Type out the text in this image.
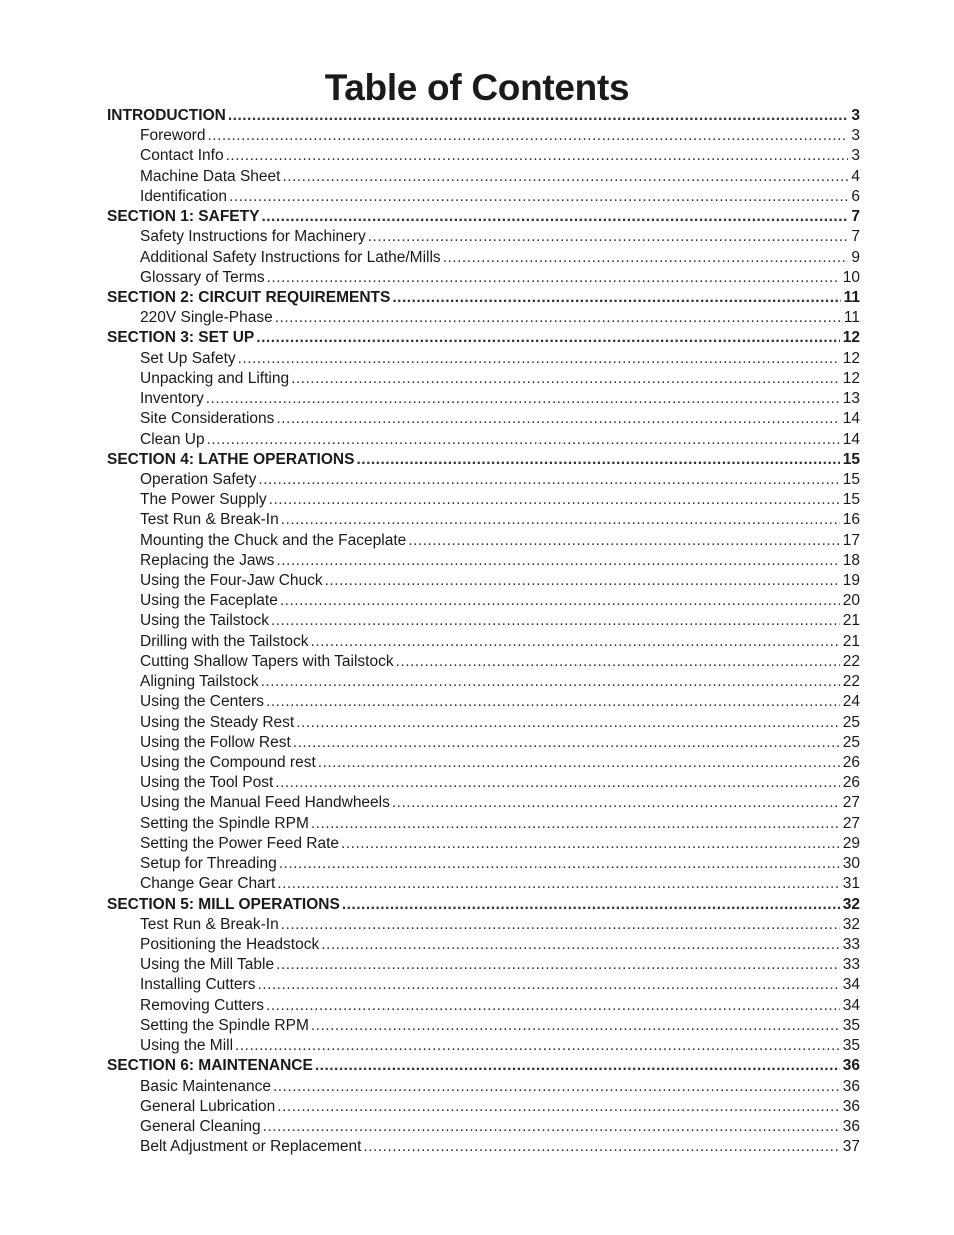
Table of Contents
INTRODUCTION .....	3
Foreword .....	3
Contact Info .....	3
Machine Data Sheet .....	4
Identification .....	6
SECTION 1: SAFETY .....	7
Safety Instructions for Machinery .....	7
Additional Safety Instructions for Lathe/Mills .....	9
Glossary of Terms .....	10
SECTION 2: CIRCUIT REQUIREMENTS .....	11
220V Single-Phase .....	11
SECTION 3: SET UP .....	12
Set Up Safety .....	12
Unpacking and Lifting .....	12
Inventory .....	13
Site Considerations .....	14
Clean Up .....	14
SECTION 4: LATHE OPERATIONS .....	15
Operation Safety .....	15
The Power Supply .....	15
Test Run & Break-In .....	16
Mounting the Chuck and the Faceplate .....	17
Replacing the Jaws .....	18
Using the Four-Jaw Chuck .....	19
Using the Faceplate .....	20
Using the Tailstock .....	21
Drilling with the Tailstock .....	21
Cutting Shallow Tapers with Tailstock .....	22
Aligning Tailstock .....	22
Using the Centers .....	24
Using the Steady Rest .....	25
Using the Follow Rest .....	25
Using the Compound rest .....	26
Using the Tool Post .....	26
Using the Manual Feed Handwheels .....	27
Setting the Spindle RPM .....	27
Setting the Power Feed Rate .....	29
Setup for Threading .....	30
Change Gear Chart .....	31
SECTION 5: MILL OPERATIONS .....	32
Test Run & Break-In .....	32
Positioning the Headstock .....	33
Using the Mill Table .....	33
Installing Cutters .....	34
Removing Cutters .....	34
Setting the Spindle RPM .....	35
Using the Mill .....	35
SECTION 6: MAINTENANCE .....	36
Basic Maintenance .....	36
General Lubrication .....	36
General Cleaning .....	36
Belt Adjustment or Replacement .....	37
